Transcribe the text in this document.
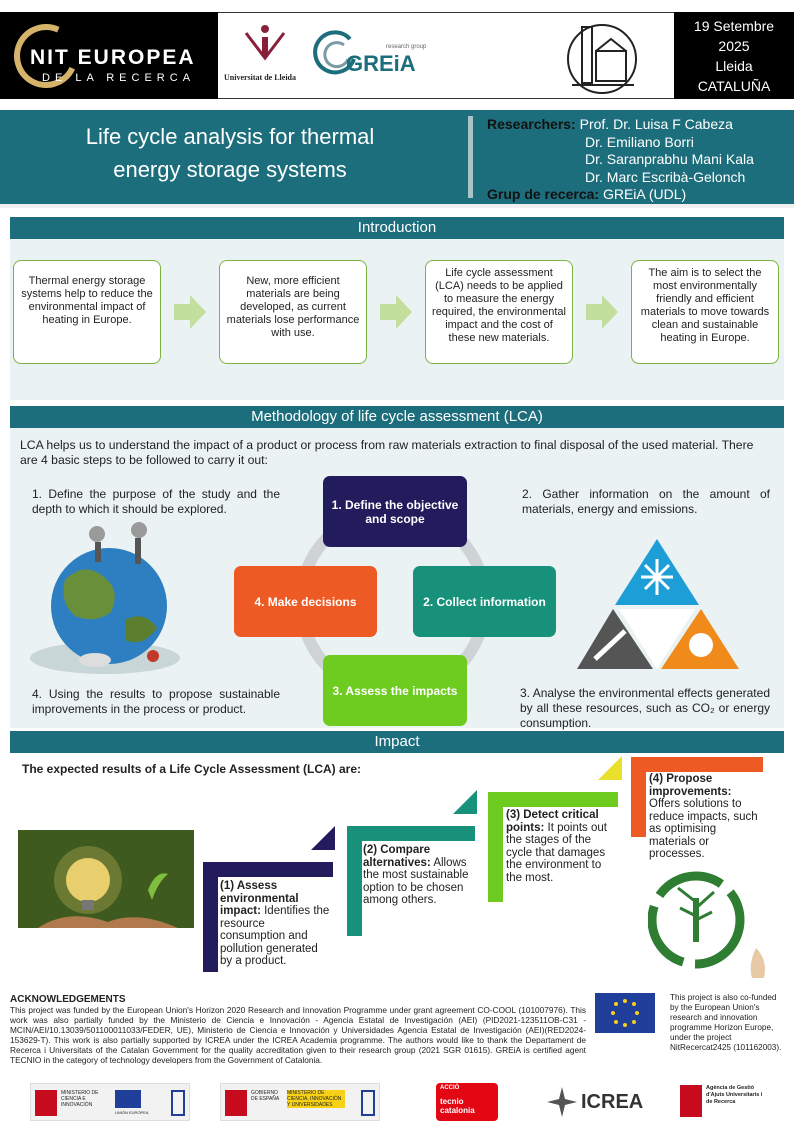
NIT EUROPEA
DE LA RECERCA	Universitat de Lleida
research group
GREiA
19 Setembre
2025
Lleida
CATALUÑA
Life cycle analysis for thermal energy storage systems
Researchers: Prof. Dr. Luisa F Cabeza
Dr. Emiliano Borri
Dr. Saranprabhu Mani Kala
Dr. Marc Escribà-Gelonch
Grup de recerca: GREiA (UDL)
Introduction
Thermal energy storage systems help to reduce the environmental impact of heating in Europe.
New, more efficient materials are being developed, as current materials lose performance with use.
Life cycle assessment (LCA) needs to be applied to measure the energy required, the environmental impact and the cost of these new materials.
The aim is to select the most environmentally friendly and efficient materials to move towards clean and sustainable heating in Europe.
Methodology of life cycle assessment (LCA)
LCA helps us to understand the impact of a product or process from raw materials extraction to final disposal of the used material. There are 4 basic steps to be followed to carry it out:
1. Define the purpose of the study and the depth to which it should be explored.
2. Gather information on the amount of materials, energy and emissions.
3. Analyse the environmental effects generated by all these resources, such as CO₂ or energy consumption.
4. Using the results to propose sustainable improvements in the process or product.
1. Define the objective and scope
2. Collect information
3. Assess the impacts
4. Make decisions
Impact
The expected results of a Life Cycle Assessment (LCA) are:
(1) Assess environmental impact: Identifies the resource consumption and pollution generated by a product.
(2) Compare alternatives: Allows the most sustainable option to be chosen among others.
(3) Detect critical points: It points out the stages of the cycle that damages the environment to the most.
(4) Propose improvements: Offers solutions to reduce impacts, such as optimising materials or processes.
ACKNOWLEDGEMENTS
This project was funded by the European Union's Horizon 2020 Research and Innovation Programme under grant agreement CO-COOL (101007976). This work was also partially funded by the Ministerio de Ciencia e Innovación - Agencia Estatal de Investigación (AEI) (PID2021-123511OB-C31 - MCIN/AEI/10.13039/501100011033/FEDER, UE), Ministerio de Ciencia e Innovación y Universidades Agencia Estatal de Investigación (AEI)(RED2024-153629-T). This work is also partially supported by ICREA under the ICREA Academia programme. The authors would like to thank the Departament de Recerca i Universitats of the Catalan Government for the quality accreditation given to their research group (2021 SGR 01615). GREiA is certified agent TECNIO in the category of technology developers from the Government of Catalonia.
This project is also co-funded by the European Union's research and innovation programme Horizon Europe, under the project NitRecercat2425 (101162003).
MINISTERIO DE CIENCIA E INNOVACIÓN
UNIÓN EUROPEA
GOBIERNO DE ESPAÑA
MINISTERIO DE CIENCIA, INNOVACIÓN Y UNIVERSIDADES
ACCIÓ
tecnio catalonia	ICREA
Agència de Gestió d'Ajuts Universitaris i de Recerca
